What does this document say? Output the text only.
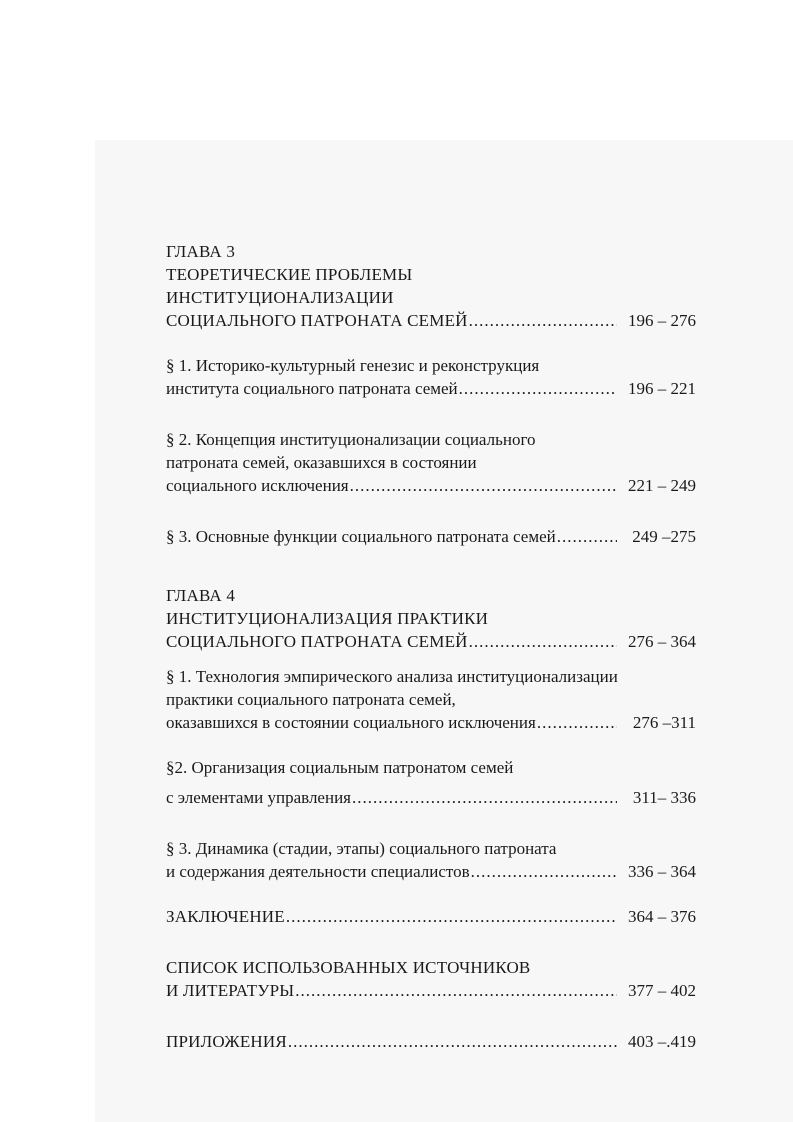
ГЛАВА 3
ТЕОРЕТИЧЕСКИЕ ПРОБЛЕМЫ
ИНСТИТУЦИОНАЛИЗАЦИИ
СОЦИАЛЬНОГО ПАТРОНАТА СЕМЕЙ .....	196 – 276
§ 1. Историко-культурный генезис и реконструкция
института социального патроната семей .....	196 – 221
§ 2. Концепция институционализации социального
патроната семей, оказавшихся в состоянии
социального исключения .....	221 – 249
§ 3. Основные функции социального патроната семей .....	249 –275
ГЛАВА 4
ИНСТИТУЦИОНАЛИЗАЦИЯ ПРАКТИКИ
СОЦИАЛЬНОГО ПАТРОНАТА СЕМЕЙ .....	276 – 364
§ 1. Технология эмпирического анализа институционализации
практики социального патроната семей,
оказавшихся в состоянии социального исключения .....	276 –311
§2. Организация социальным патронатом семей
с элементами управления .....	311– 336
§ 3. Динамика (стадии, этапы) социального патроната
и содержания деятельности специалистов .....	336 – 364
ЗАКЛЮЧЕНИЕ .....	364 – 376
СПИСОК ИСПОЛЬЗОВАННЫХ ИСТОЧНИКОВ
И ЛИТЕРАТУРЫ .....	377 – 402
ПРИЛОЖЕНИЯ .....	403 –.419
